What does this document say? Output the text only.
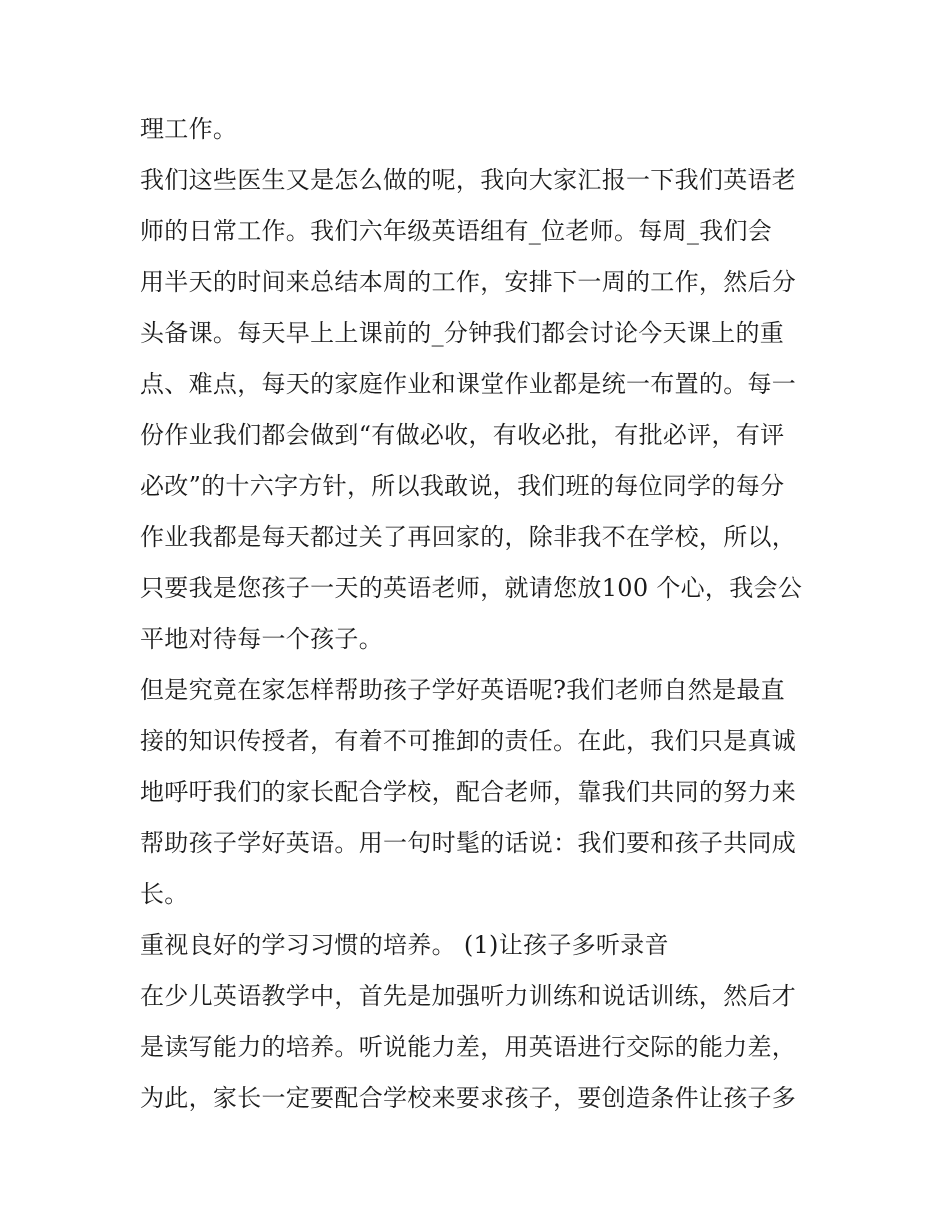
理工作。
我们这些医生又是怎么做的呢，我向大家汇报一下我们英语老
师的日常工作。我们六年级英语组有_位老师。每周_我们会
用半天的时间来总结本周的工作，安排下一周的工作，然后分
头备课。每天早上上课前的_分钟我们都会讨论今天课上的重
点、难点，每天的家庭作业和课堂作业都是统一布置的。每一
份作业我们都会做到“有做必收，有收必批，有批必评，有评
必改”的十六字方针，所以我敢说，我们班的每位同学的每分
作业我都是每天都过关了再回家的，除非我不在学校，所以，
只要我是您孩子一天的英语老师，就请您放100 个心，我会公
平地对待每一个孩子。
但是究竟在家怎样帮助孩子学好英语呢?我们老师自然是最直
接的知识传授者，有着不可推卸的责任。在此，我们只是真诚
地呼吁我们的家长配合学校，配合老师，靠我们共同的努力来
帮助孩子学好英语。用一句时髦的话说：我们要和孩子共同成
长。
重视良好的学习习惯的培养。 (1)让孩子多听录音
在少儿英语教学中，首先是加强听力训练和说话训练，然后才
是读写能力的培养。听说能力差，用英语进行交际的能力差，
为此，家长一定要配合学校来要求孩子，要创造条件让孩子多
